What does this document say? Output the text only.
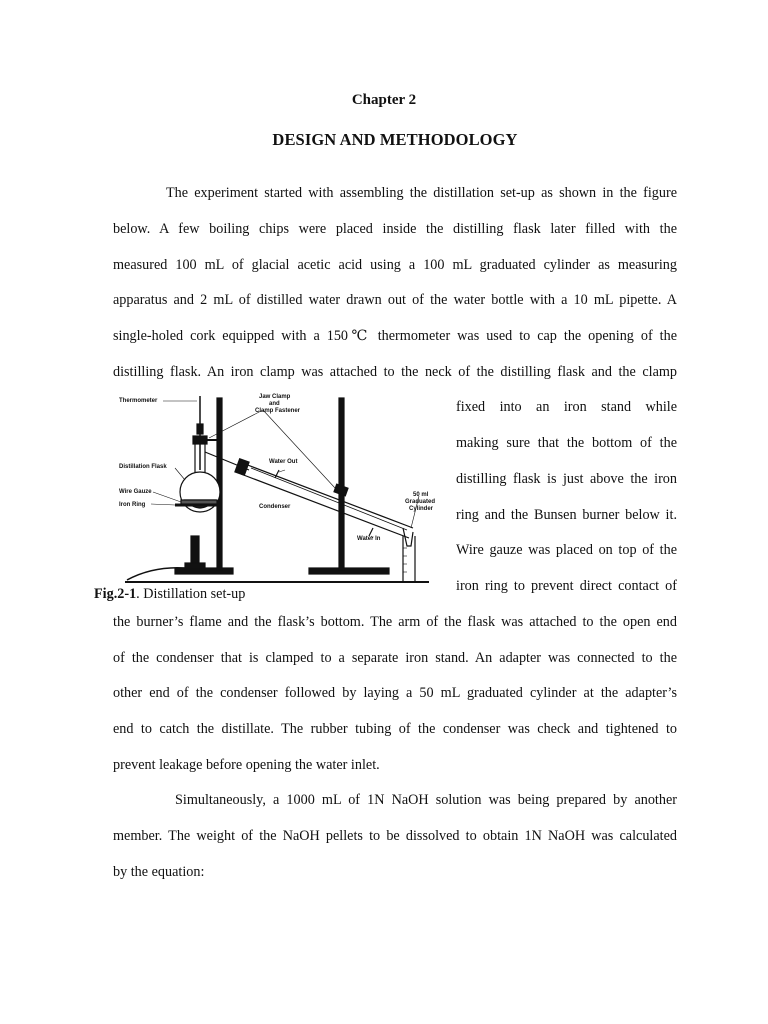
Chapter 2
DESIGN AND METHODOLOGY
The experiment started with assembling the distillation set-up as shown in the figure
below. A few boiling chips were placed inside the distilling flask later filled with the
measured 100 mL of glacial acetic acid using a 100 mL graduated cylinder as measuring
apparatus and 2 mL of distilled water drawn out of the water bottle with a 10 mL pipette. A
single-holed cork equipped with a 150℃ thermometer was used to cap the opening of the
distilling flask. An iron clamp was attached to the neck of the distilling flask and the clamp
fixed into an iron stand while
making sure that the bottom of the
distilling flask is just above the iron
ring and the Bunsen burner below it.
Wire gauze was placed on top of the
iron ring to prevent direct contact of
the burner’s flame and the flask’s bottom. The arm of the flask was attached to the open end
of the condenser that is clamped to a separate iron stand. An adapter was connected to the
other end of the condenser followed by laying a 50 mL graduated cylinder at the adapter’s
end to catch the distillate. The rubber tubing of the condenser was check and tightened to
prevent leakage before opening the water inlet.
Simultaneously, a 1000 mL of 1N NaOH solution was being prepared by another
member. The weight of the NaOH pellets to be dissolved to obtain 1N NaOH was calculated
by the equation:
Thermometer
Jaw Clamp
and
Clamp Fastener
Distillation Flask
Wire Gauze
Iron Ring
Water Out
Condenser
Water In
50 ml
Graduated
Cylinder
Fig.2-1. Distillation set-up
